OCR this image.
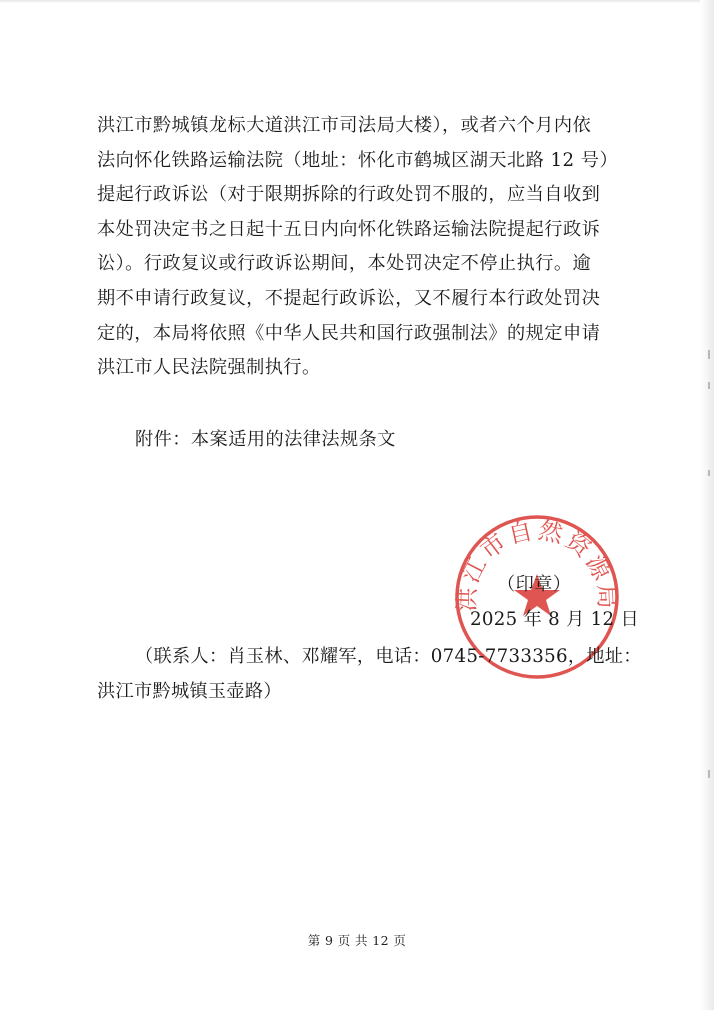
洪江市黔城镇龙标大道洪江市司法局大楼），或者六个月内依
法向怀化铁路运输法院（地址：怀化市鹤城区湖天北路 12 号）
提起行政诉讼（对于限期拆除的行政处罚不服的，应当自收到
本处罚决定书之日起十五日内向怀化铁路运输法院提起行政诉
讼）。行政复议或行政诉讼期间，本处罚决定不停止执行。逾
期不申请行政复议，不提起行政诉讼，又不履行本行政处罚决
定的，本局将依照《中华人民共和国行政强制法》的规定申请
洪江市人民法院强制执行。

附件：本案适用的法律法规条文
洪江市自然资源局
（印章）
2025 年 8 月 12 日
（联系人：肖玉林、邓耀军，电话：0745-7733356，地址：
洪江市黔城镇玉壶路）
第 9 页 共 12 页
